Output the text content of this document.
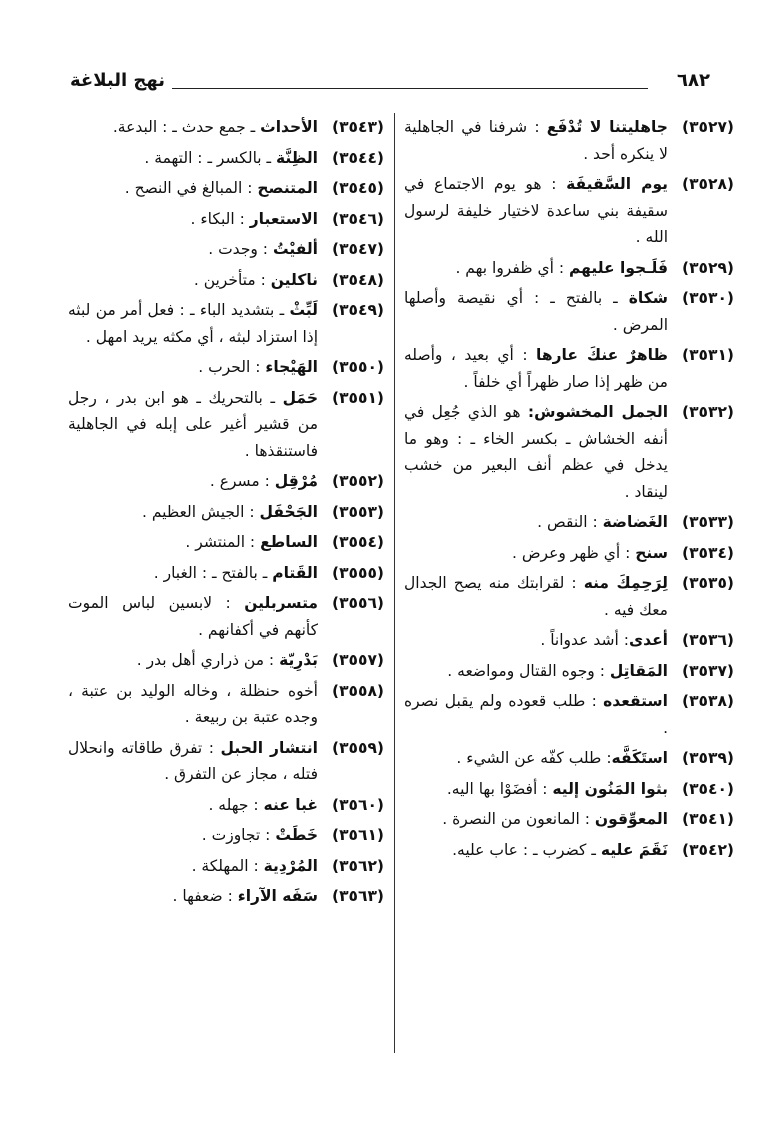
٦٨٢
نهج البلاغة
(٣٥٢٧)
جاهليتنا لا تُدْفَع : شرفنا في الجاهلية لا ينكره أحد .
(٣٥٢٨)
يوم السَّقيفَة : هو يوم الاجتماع في سقيفة بني ساعدة لاختيار خليفة لرسول الله .
(٣٥٢٩)
فَلَـجوا عليهم : أي ظفروا بهم .
(٣٥٣٠)
شكاة ـ بالفتح ـ : أي نقيصة وأصلها المرض .
(٣٥٣١)
ظاهرٌ عنكَ عارها : أي بعيد ، وأصله من ظهر إذا صار ظهراً أي خلفاً .
(٣٥٣٢)
الجمل المخشوش: هو الذي جُعِل في أنفه الخشاش ـ بكسر الخاء ـ : وهو ما يدخل في عظم أنف البعير من خشب لينقاد .
(٣٥٣٣)
الغَضاضة : النقص .
(٣٥٣٤)
سنح : أي ظهر وعرض .
(٣٥٣٥)
لِرَحِمِكَ منه : لقرابتك منه يصح الجدال معك فيه .
(٣٥٣٦)
أعدى: أشد عدواناً .
(٣٥٣٧)
المَقاتِل : وجوه القتال ومواضعه .
(٣٥٣٨)
استقعده : طلب قعوده ولم يقبل نصره .
(٣٥٣٩)
استَكَفَّه: طلب كفّه عن الشيء .
(٣٥٤٠)
بثوا المَنُون إليه : أفضَوْا بها اليه.
(٣٥٤١)
المعوِّقون : المانعون من النصرة .
(٣٥٤٢)
نَقَمَ عليه ـ كضرب ـ : عاب عليه.
(٣٥٤٣)
الأحداث ـ جمع حدث ـ : البدعة.
(٣٥٤٤)
الظِنَّة ـ بالكسر ـ : التهمة .
(٣٥٤٥)
المتنصح : المبالغ في النصح .
(٣٥٤٦)
الاستعبار : البكاء .
(٣٥٤٧)
ألفيْتُ : وجدت .
(٣٥٤٨)
ناكلين : متأخرين .
(٣٥٤٩)
لَبِّثْ ـ بتشديد الباء ـ : فعل أمر من لبثه إذا استزاد لبثه ، أي مكثه يريد امهل .
(٣٥٥٠)
الهَيْجاء : الحرب .
(٣٥٥١)
حَمَل ـ بالتحريك ـ هو ابن بدر ، رجل من قشير أغير على إبله في الجاهلية فاستنقذها .
(٣٥٥٢)
مُرْقِل : مسرع .
(٣٥٥٣)
الجَحْفَل : الجيش العظيم .
(٣٥٥٤)
الساطع : المنتشر .
(٣٥٥٥)
القَتام ـ بالفتح ـ : الغبار .
(٣٥٥٦)
متسربلين : لابسين لباس الموت كأنهم في أكفانهم .
(٣٥٥٧)
بَدْرِيّة : من ذراري أهل بدر .
(٣٥٥٨)
أخوه حنظلة ، وخاله الوليد بن عتبة ، وجده عتبة بن ربيعة .
(٣٥٥٩)
انتشار الحبل : تفرق طاقاته وانحلال فتله ، مجاز عن التفرق .
(٣٥٦٠)
غبا عنه : جهله .
(٣٥٦١)
خَطَتْ : تجاوزت .
(٣٥٦٢)
المُرْدِية : المهلكة .
(٣٥٦٣)
سَفَه الآراء : ضعفها .
